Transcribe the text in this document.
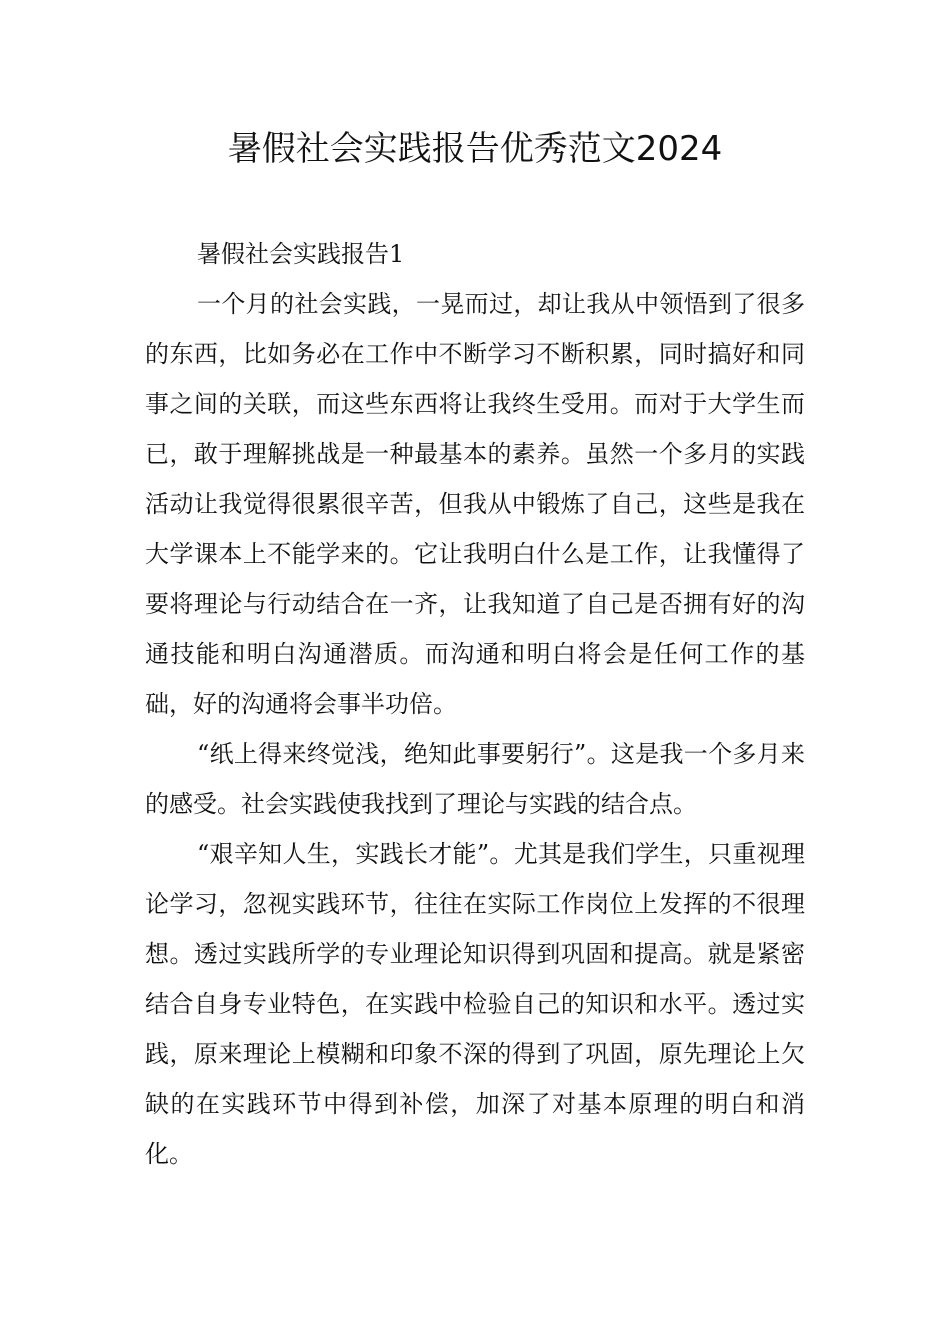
暑假社会实践报告优秀范文2024

暑假社会实践报告1

一个月的社会实践，一晃而过，却让我从中领悟到了很多的东西，比如务必在工作中不断学习不断积累，同时搞好和同事之间的关联，而这些东西将让我终生受用。而对于大学生而已，敢于理解挑战是一种最基本的素养。虽然一个多月的实践活动让我觉得很累很辛苦，但我从中锻炼了自己，这些是我在大学课本上不能学来的。它让我明白什么是工作，让我懂得了要将理论与行动结合在一齐，让我知道了自己是否拥有好的沟通技能和明白沟通潜质。而沟通和明白将会是任何工作的基础，好的沟通将会事半功倍。

“纸上得来终觉浅，绝知此事要躬行”。这是我一个多月来的感受。社会实践使我找到了理论与实践的结合点。

“艰辛知人生，实践长才能”。尤其是我们学生，只重视理论学习，忽视实践环节，往往在实际工作岗位上发挥的不很理想。透过实践所学的专业理论知识得到巩固和提高。就是紧密结合自身专业特色，在实践中检验自己的知识和水平。透过实践，原来理论上模糊和印象不深的得到了巩固，原先理论上欠缺的在实践环节中得到补偿，加深了对基本原理的明白和消化。
